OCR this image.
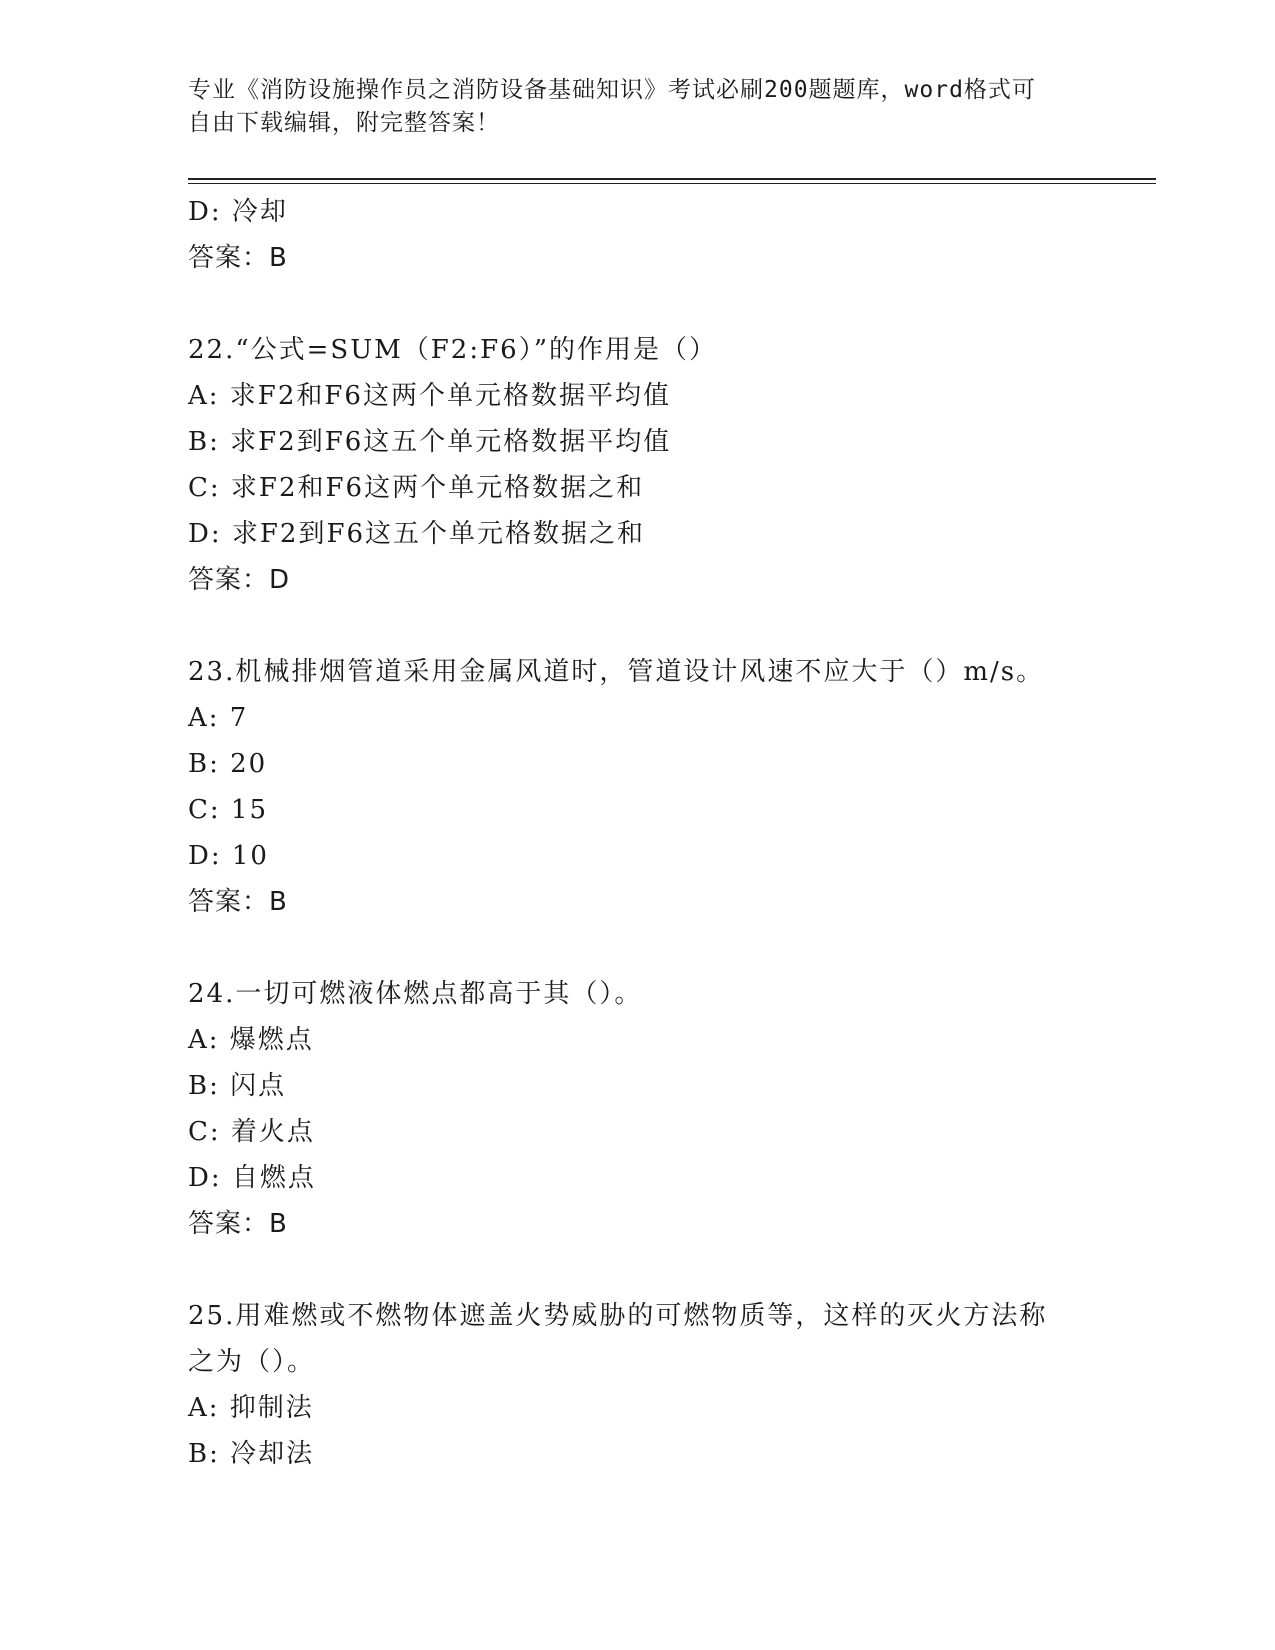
专业《消防设施操作员之消防设备基础知识》考试必刷200题题库，word格式可
自由下载编辑，附完整答案！
D: 冷却
答案：B
22.“公式=SUM（F2:F6）”的作用是（）
A: 求F2和F6这两个单元格数据平均值
B: 求F2到F6这五个单元格数据平均值
C: 求F2和F6这两个单元格数据之和
D: 求F2到F6这五个单元格数据之和
答案：D
23.机械排烟管道采用金属风道时，管道设计风速不应大于（）m/s。
A: 7
B: 20
C: 15
D: 10
答案：B
24.一切可燃液体燃点都高于其（）。
A: 爆燃点
B: 闪点
C: 着火点
D: 自燃点
答案：B
25.用难燃或不燃物体遮盖火势威胁的可燃物质等，这样的灭火方法称
之为（）。
A: 抑制法
B: 冷却法
